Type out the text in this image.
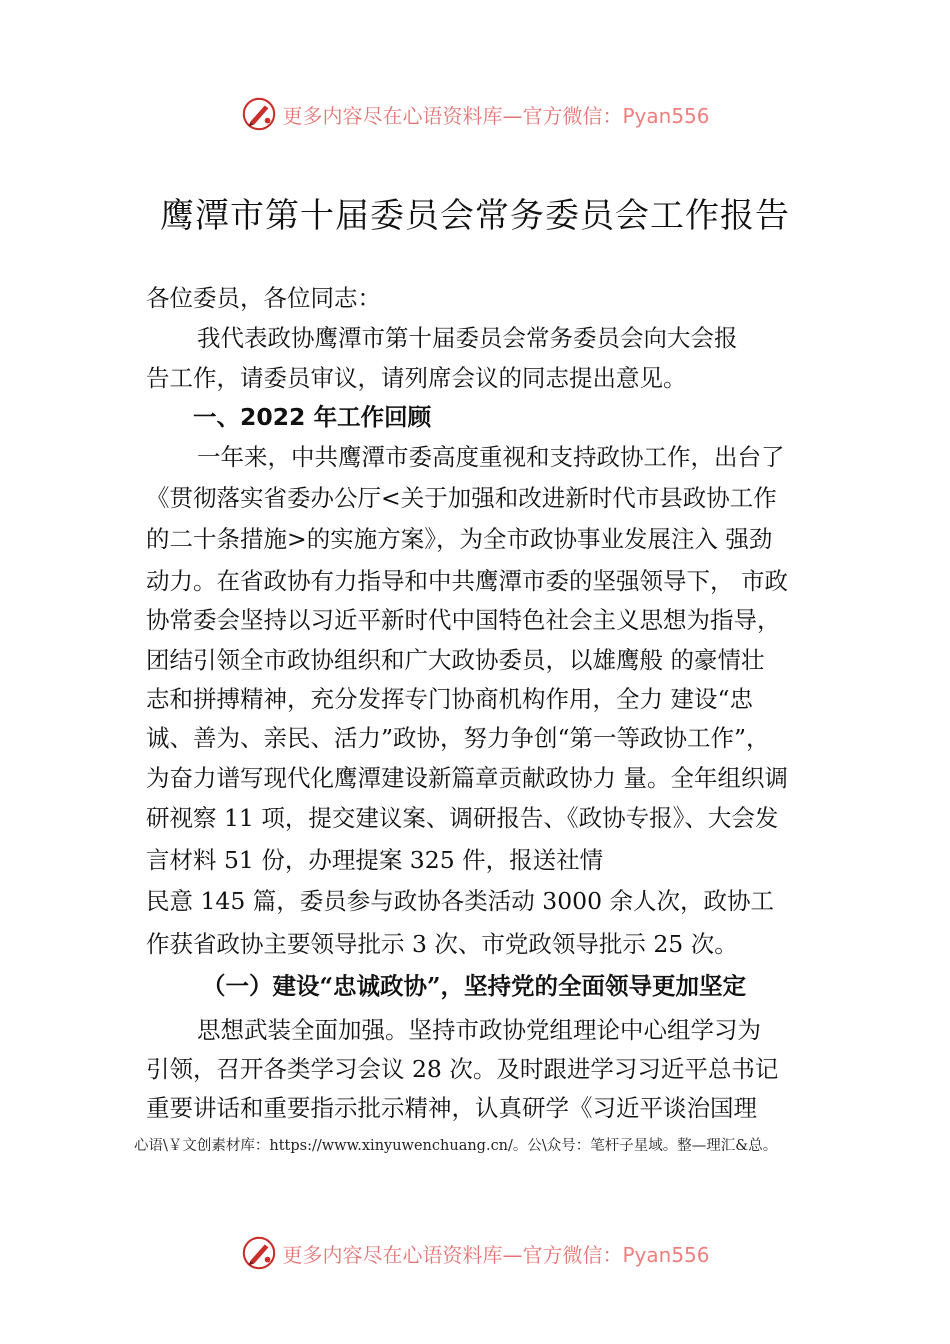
更多内容尽在心语资料库—官方微信：Pyan556
鹰潭市第十届委员会常务委员会工作报告
各位委员，各位同志：
我代表政协鹰潭市第十届委员会常务委员会向大会报
告工作，请委员审议，请列席会议的同志提出意见。
一、2022 年工作回顾
一年来，中共鹰潭市委高度重视和支持政协工作，出台了
《贯彻落实省委办公厅<关于加强和改进新时代市县政协工作
的二十条措施>的实施方案》，为全市政协事业发展注入 强劲
动力。在省政协有力指导和中共鹰潭市委的坚强领导下， 市政
协常委会坚持以习近平新时代中国特色社会主义思想为指导，
团结引领全市政协组织和广大政协委员，以雄鹰般 的豪情壮
志和拼搏精神，充分发挥专门协商机构作用，全力 建设“忠
诚、善为、亲民、活力”政协，努力争创“第一等政协工作”，
为奋力谱写现代化鹰潭建设新篇章贡献政协力 量。全年组织调
研视察 11 项，提交建议案、调研报告、《政协专报》、大会发
言材料 51 份，办理提案 325 件，报送社情
民意 145 篇，委员参与政协各类活动 3000 余人次，政协工
作获省政协主要领导批示 3 次、市党政领导批示 25 次。
（一）建设“忠诚政协”，坚持党的全面领导更加坚定
思想武装全面加强。坚持市政协党组理论中心组学习为
引领，召开各类学习会议 28 次。及时跟进学习习近平总书记
重要讲话和重要指示批示精神，认真研学《习近平谈治国理
心语\￥文创素材库：https://www.xinyuwenchuang.cn/。公\众号：笔杆子星域。整—理汇&总。
更多内容尽在心语资料库—官方微信：Pyan556
